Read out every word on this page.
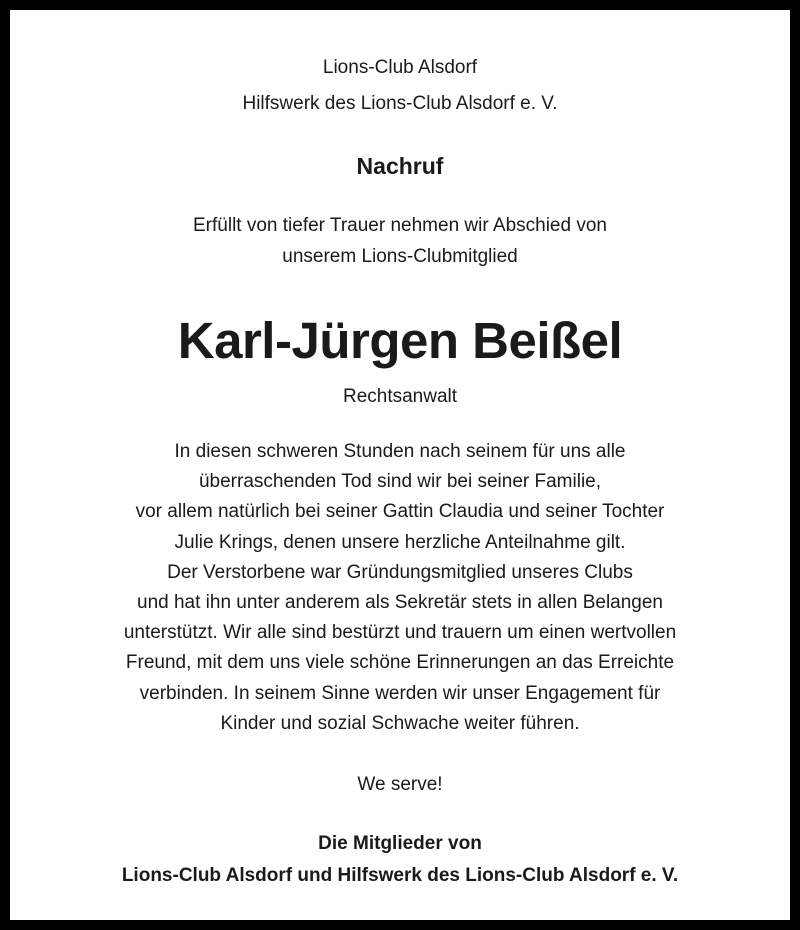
Lions-Club Alsdorf
Hilfswerk des Lions-Club Alsdorf e. V.
Nachruf
Erfüllt von tiefer Trauer nehmen wir Abschied von
unserem Lions-Clubmitglied
Karl-Jürgen Beißel
Rechtsanwalt
In diesen schweren Stunden nach seinem für uns alle
überraschenden Tod sind wir bei seiner Familie,
vor allem natürlich bei seiner Gattin Claudia und seiner Tochter
Julie Krings, denen unsere herzliche Anteilnahme gilt.
Der Verstorbene war Gründungsmitglied unseres Clubs
und hat ihn unter anderem als Sekretär stets in allen Belangen
unterstützt. Wir alle sind bestürzt und trauern um einen wertvollen
Freund, mit dem uns viele schöne Erinnerungen an das Erreichte
verbinden. In seinem Sinne werden wir unser Engagement für
Kinder und sozial Schwache weiter führen.
We serve!
Die Mitglieder von
Lions-Club Alsdorf und Hilfswerk des Lions-Club Alsdorf e. V.
